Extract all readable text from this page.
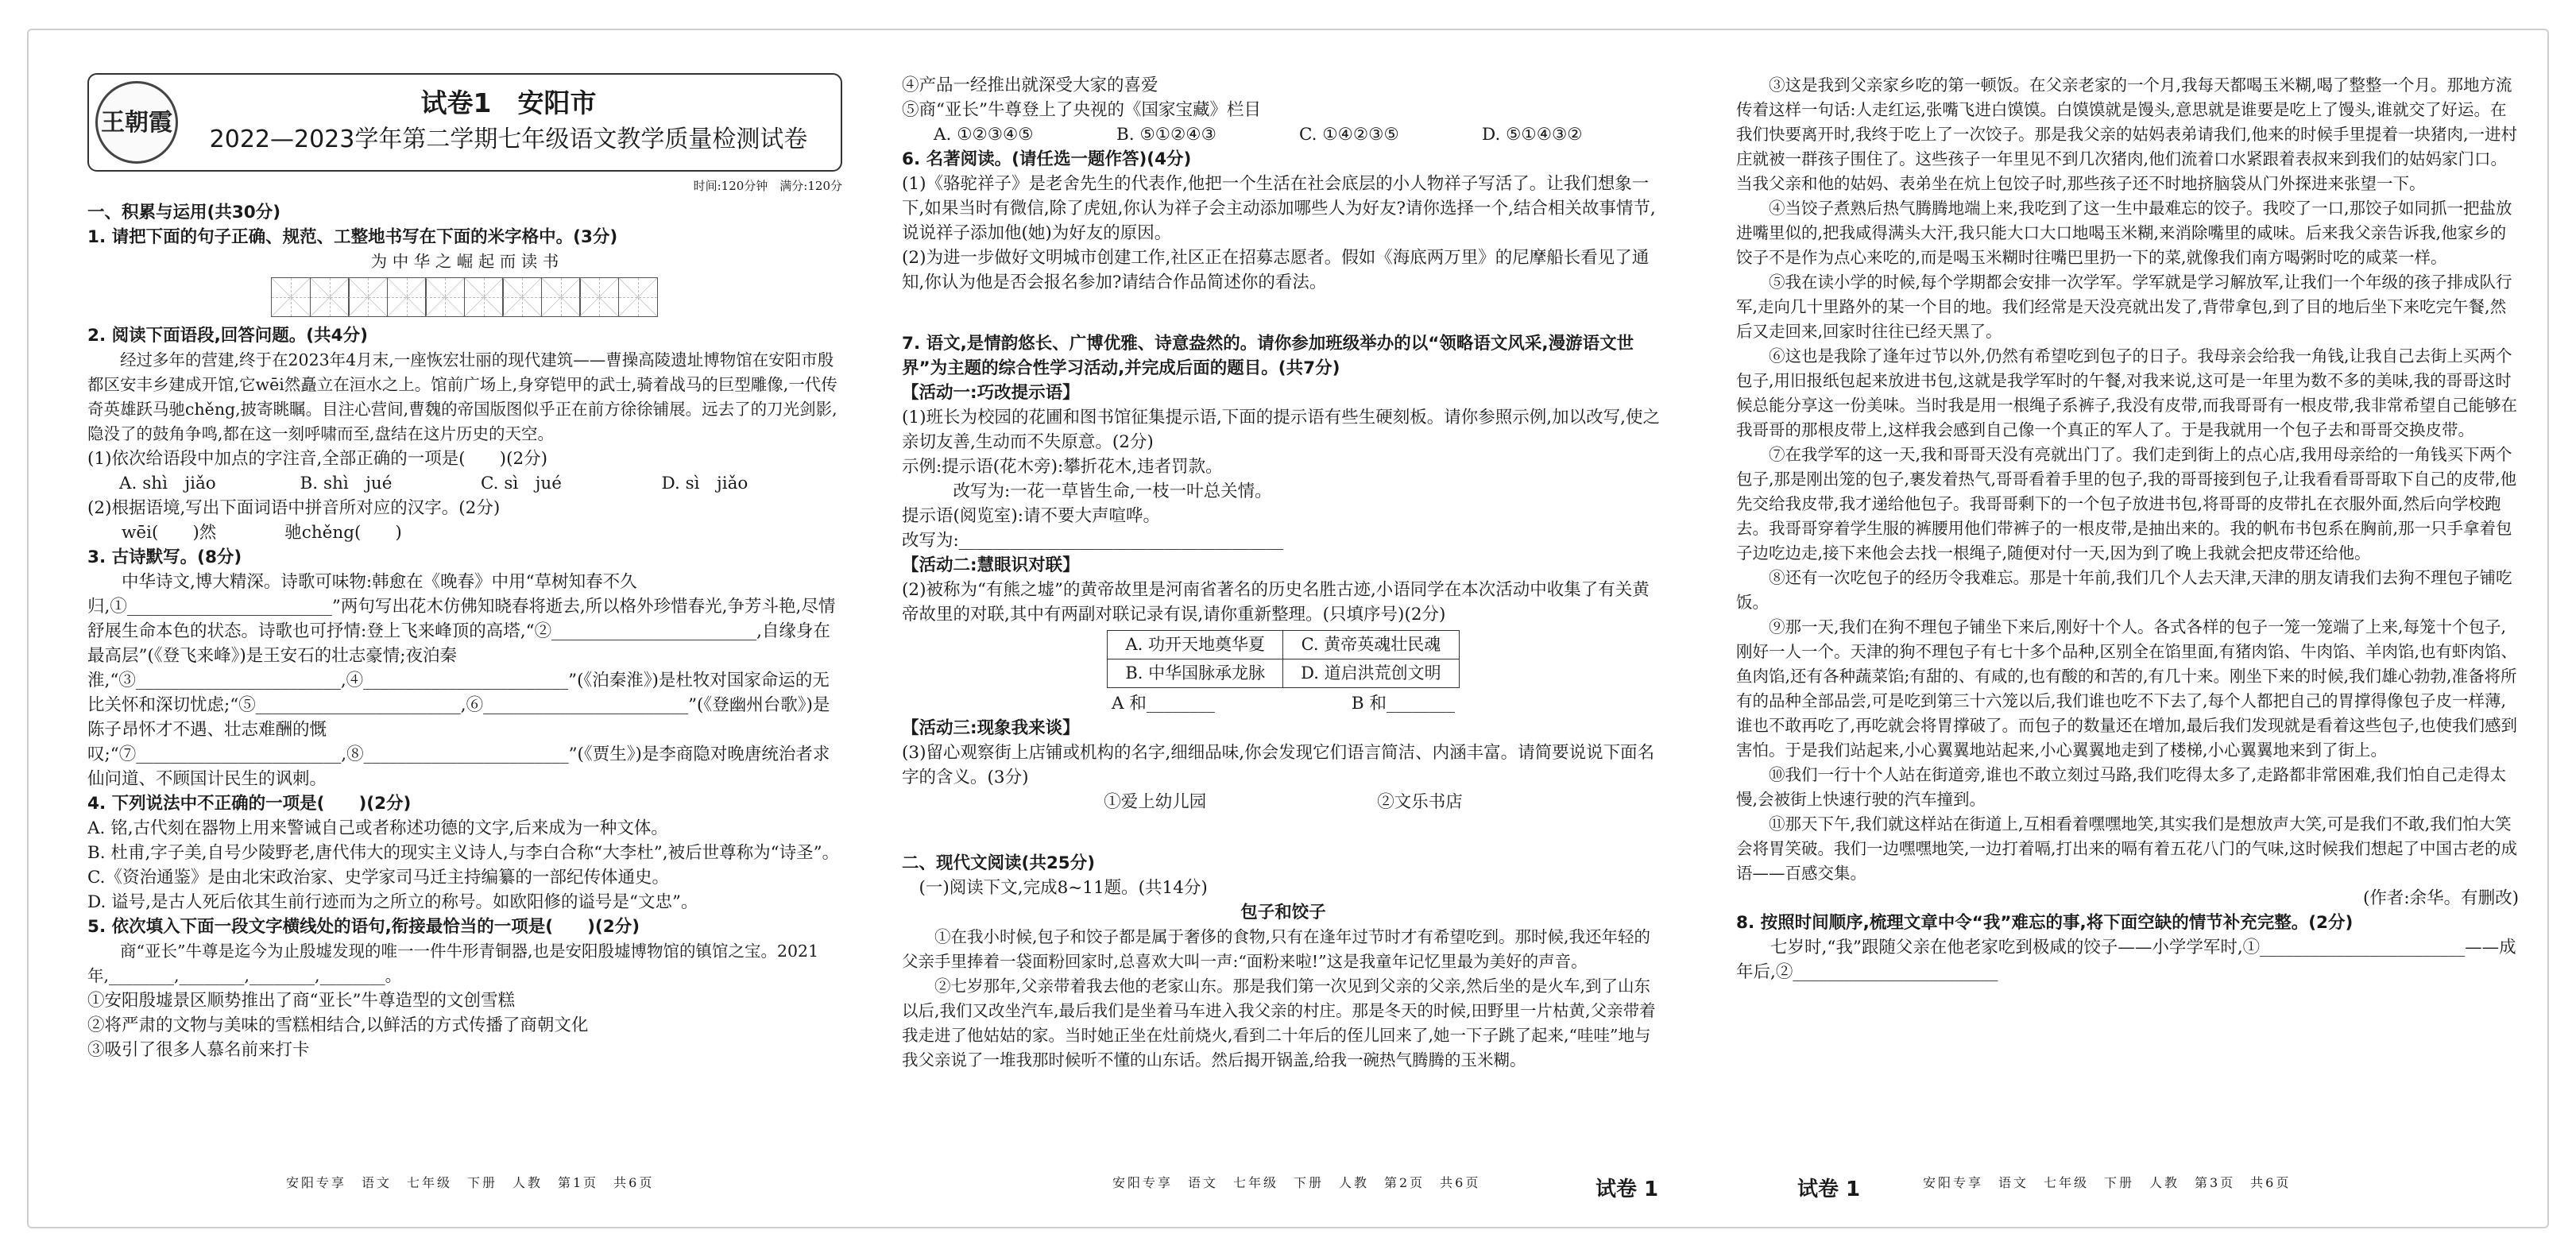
王朝霞
试卷1　安阳市
2022—2023学年第二学期七年级语文教学质量检测试卷
时间:120分钟　满分:120分

一、积累与运用(共30分)

1. 请把下面的句子正确、规范、工整地书写在下面的米字格中。(3分)

为 中 华 之 崛 起 而 读 书

2. 阅读下面语段,回答问题。(共4分)

经过多年的营建,终于在2023年4月末,一座恢宏壮丽的现代建筑——曹操高陵遗址博物馆在安阳市殷都区安丰乡建成开馆,它wēi然矗立在洹水之上。馆前广场上,身穿铠甲的武士,骑着战马的巨型雕像,一代传奇英雄跃马驰chěng,披寄眺瞩。目注心营间,曹魏的帝国版图似乎正在前方徐徐铺展。远去了的刀光剑影,隐没了的鼓角争鸣,都在这一刻呼啸而至,盘结在这片历史的天空。

(1)依次给语段中加点的字注音,全部正确的一项是(　　)(2分)

A. shì　jiǎo	B. shì　jué	C. sì　jué	D. sì　jiǎo

(2)根据语境,写出下面词语中拼音所对应的汉字。(2分)

　　wēi(　　)然　　　　驰chěng(　　)

3. 古诗默写。(8分)

中华诗文,博大精深。诗歌可味物:韩愈在《晚春》中用“草树知春不久归,①________________________”两句写出花木仿佛知晓春将逝去,所以格外珍惜春光,争芳斗艳,尽情舒展生命本色的状态。诗歌也可抒情:登上飞来峰顶的高塔,“②________________________,自缘身在最高层”(《登飞来峰》)是王安石的壮志豪情;夜泊秦淮,“③________________________,④________________________”(《泊秦淮》)是杜牧对国家命运的无比关怀和深切忧虑;“⑤________________________,⑥________________________”(《登幽州台歌》)是陈子昂怀才不遇、壮志难酬的慨叹;“⑦________________________,⑧________________________”(《贾生》)是李商隐对晚唐统治者求仙问道、不顾国计民生的讽刺。

4. 下列说法中不正确的一项是(　　)(2分)

A. 铭,古代刻在器物上用来警诫自己或者称述功德的文字,后来成为一种文体。

B. 杜甫,字子美,自号少陵野老,唐代伟大的现实主义诗人,与李白合称“大李杜”,被后世尊称为“诗圣”。

C.《资治通鉴》是由北宋政治家、史学家司马迁主持编纂的一部纪传体通史。

D. 谥号,是古人死后依其生前行迹而为之所立的称号。如欧阳修的谥号是“文忠”。

5. 依次填入下面一段文字横线处的语句,衔接最恰当的一项是(　　)(2分)

商“亚长”牛尊是迄今为止殷墟发现的唯一一件牛形青铜器,也是安阳殷墟博物馆的镇馆之宝。2021年,________,________,________,________。

①安阳殷墟景区顺势推出了商“亚长”牛尊造型的文创雪糕

②将严肃的文物与美味的雪糕相结合,以鲜活的方式传播了商朝文化

③吸引了很多人慕名前来打卡

④产品一经推出就深受大家的喜爱

⑤商“亚长”牛尊登上了央视的《国家宝藏》栏目

A. ①②③④⑤	B. ⑤①②④③	C. ①④②③⑤	D. ⑤①④③②

6. 名著阅读。(请任选一题作答)(4分)

(1)《骆驼祥子》是老舍先生的代表作,他把一个生活在社会底层的小人物祥子写活了。让我们想象一下,如果当时有微信,除了虎妞,你认为祥子会主动添加哪些人为好友?请你选择一个,结合相关故事情节,说说祥子添加他(她)为好友的原因。

(2)为进一步做好文明城市创建工作,社区正在招募志愿者。假如《海底两万里》的尼摩船长看见了通知,你认为他是否会报名参加?请结合作品简述你的看法。

7. 语文,是情韵悠长、广博优雅、诗意盎然的。请你参加班级举办的以“领略语文风采,漫游语文世界”为主题的综合性学习活动,并完成后面的题目。(共7分)

【活动一:巧改提示语】

(1)班长为校园的花圃和图书馆征集提示语,下面的提示语有些生硬刻板。请你参照示例,加以改写,使之亲切友善,生动而不失原意。(2分)

示例:提示语(花木旁):攀折花木,违者罚款。

　　　改写为:一花一草皆生命,一枝一叶总关情。

提示语(阅览室):请不要大声喧哗。

改写为:______________________________________

【活动二:慧眼识对联】

(2)被称为“有熊之墟”的黄帝故里是河南省著名的历史名胜古迹,小语同学在本次活动中收集了有关黄帝故里的对联,其中有两副对联记录有误,请你重新整理。(只填序号)(2分)

A. 功开天地奠华夏	C. 黄帝英魂壮民魂
B. 中华国脉承龙脉	D. 道启洪荒创文明

A 和________　　　　　　　　B 和________

【活动三:现象我来谈】

(3)留心观察街上店铺或机构的名字,细细品味,你会发现它们语言简洁、内涵丰富。请简要说说下面名字的含义。(3分)

①爱上幼儿园　　　　　　　　　　②文乐书店

二、现代文阅读(共25分)

　(一)阅读下文,完成8~11题。(共14分)

包子和饺子

①在我小时候,包子和饺子都是属于奢侈的食物,只有在逢年过节时才有希望吃到。那时候,我还年轻的父亲手里捧着一袋面粉回家时,总喜欢大叫一声:“面粉来啦!”这是我童年记忆里最为美好的声音。

②七岁那年,父亲带着我去他的老家山东。那是我们第一次见到父亲的父亲,然后坐的是火车,到了山东以后,我们又改坐汽车,最后我们是坐着马车进入我父亲的村庄。那是冬天的时候,田野里一片枯黄,父亲带着我走进了他姑姑的家。当时她正坐在灶前烧火,看到二十年后的侄儿回来了,她一下子跳了起来,“哇哇”地与我父亲说了一堆我那时候听不懂的山东话。然后揭开锅盖,给我一碗热气腾腾的玉米糊。

③这是我到父亲家乡吃的第一顿饭。在父亲老家的一个月,我每天都喝玉米糊,喝了整整一个月。那地方流传着这样一句话:人走红运,张嘴飞进白馍馍。白馍馍就是馒头,意思就是谁要是吃上了馒头,谁就交了好运。在我们快要离开时,我终于吃上了一次饺子。那是我父亲的姑妈表弟请我们,他来的时候手里提着一块猪肉,一进村庄就被一群孩子围住了。这些孩子一年里见不到几次猪肉,他们流着口水紧跟着表叔来到我们的姑妈家门口。当我父亲和他的姑妈、表弟坐在炕上包饺子时,那些孩子还不时地挤脑袋从门外探进来张望一下。

④当饺子煮熟后热气腾腾地端上来,我吃到了这一生中最难忘的饺子。我咬了一口,那饺子如同抓一把盐放进嘴里似的,把我咸得满头大汗,我只能大口大口地喝玉米糊,来消除嘴里的咸味。后来我父亲告诉我,他家乡的饺子不是作为点心来吃的,而是喝玉米糊时往嘴巴里扔一下的菜,就像我们南方喝粥时吃的咸菜一样。

⑤我在读小学的时候,每个学期都会安排一次学军。学军就是学习解放军,让我们一个年级的孩子排成队行军,走向几十里路外的某一个目的地。我们经常是天没亮就出发了,背带拿包,到了目的地后坐下来吃完午餐,然后又走回来,回家时往往已经天黑了。

⑥这也是我除了逢年过节以外,仍然有希望吃到包子的日子。我母亲会给我一角钱,让我自己去街上买两个包子,用旧报纸包起来放进书包,这就是我学军时的午餐,对我来说,这可是一年里为数不多的美味,我的哥哥这时候总能分享这一份美味。当时我是用一根绳子系裤子,我没有皮带,而我哥哥有一根皮带,我非常希望自己能够在我哥哥的那根皮带上,这样我会感到自己像一个真正的军人了。于是我就用一个包子去和哥哥交换皮带。

⑦在我学军的这一天,我和哥哥天没有亮就出门了。我们走到街上的点心店,我用母亲给的一角钱买下两个包子,那是刚出笼的包子,裹发着热气,哥哥看着手里的包子,我的哥哥接到包子,让我看看哥哥取下自己的皮带,他先交给我皮带,我才递给他包子。我哥哥剩下的一个包子放进书包,将哥哥的皮带扎在衣服外面,然后向学校跑去。我哥哥穿着学生服的裤腰用他们带裤子的一根皮带,是抽出来的。我的帆布书包系在胸前,那一只手拿着包子边吃边走,接下来他会去找一根绳子,随便对付一天,因为到了晚上我就会把皮带还给他。

⑧还有一次吃包子的经历令我难忘。那是十年前,我们几个人去天津,天津的朋友请我们去狗不理包子铺吃饭。

⑨那一天,我们在狗不理包子铺坐下来后,刚好十个人。各式各样的包子一笼一笼端了上来,每笼十个包子,刚好一人一个。天津的狗不理包子有七十多个品种,区别全在馅里面,有猪肉馅、牛肉馅、羊肉馅,也有虾肉馅、鱼肉馅,还有各种蔬菜馅;有甜的、有咸的,也有酸的和苦的,有几十来。刚坐下来的时候,我们雄心勃勃,准备将所有的品种全部品尝,可是吃到第三十六笼以后,我们谁也吃不下去了,每个人都把自己的胃撑得像包子皮一样薄,谁也不敢再吃了,再吃就会将胃撑破了。而包子的数量还在增加,最后我们发现就是看着这些包子,也使我们感到害怕。于是我们站起来,小心翼翼地站起来,小心翼翼地走到了楼梯,小心翼翼地来到了街上。

⑩我们一行十个人站在街道旁,谁也不敢立刻过马路,我们吃得太多了,走路都非常困难,我们怕自己走得太慢,会被街上快速行驶的汽车撞到。

⑪那天下午,我们就这样站在街道上,互相看着嘿嘿地笑,其实我们是想放声大笑,可是我们不敢,我们怕大笑会将胃笑破。我们一边嘿嘿地笑,一边打着嗝,打出来的嗝有着五花八门的气味,这时候我们想起了中国古老的成语——百感交集。

(作者:余华。有删改)

8. 按照时间顺序,梳理文章中令“我”难忘的事,将下面空缺的情节补充完整。(2分)

七岁时,“我”跟随父亲在他老家吃到极咸的饺子——小学学军时,①________________________——成年后,②________________________

安阳专享　语文　七年级　下册　人教　第1页　共6页	安阳专享　语文　七年级　下册　人教　第2页　共6页	试卷 1	试卷 1	安阳专享　语文　七年级　下册　人教　第3页　共6页
